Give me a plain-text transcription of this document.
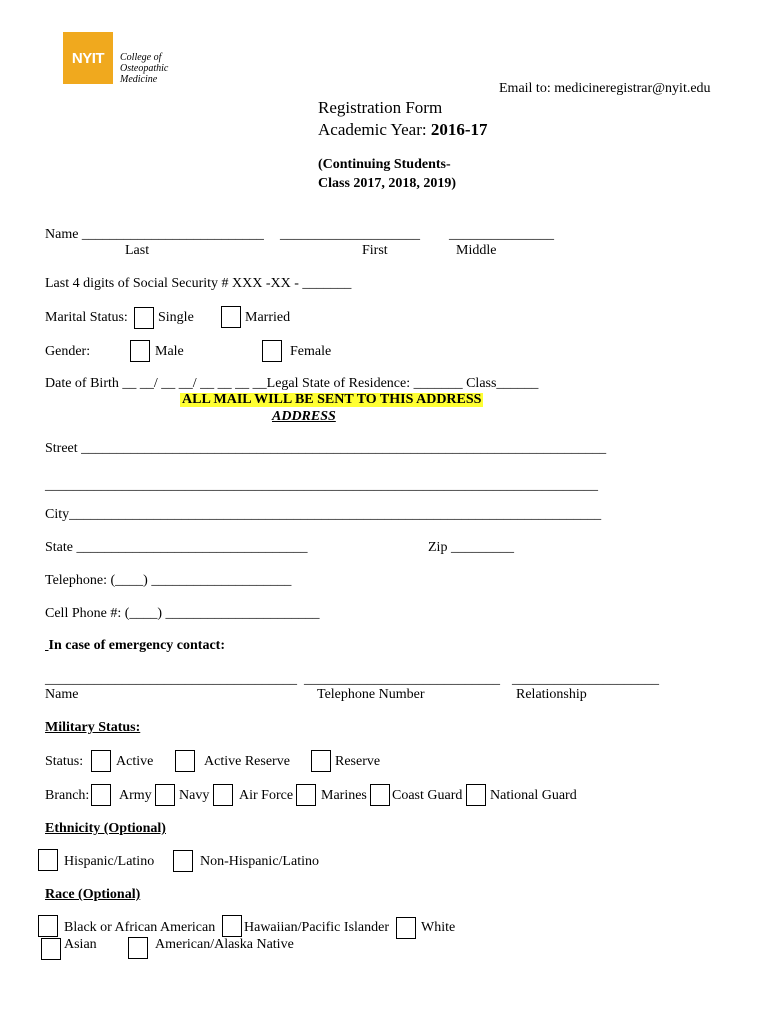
NYIT College of Osteopathic Medicine
Email to: medicineregistrar@nyit.edu
Registration Form
Academic Year: 2016-17
(Continuing Students-
Class 2017, 2018, 2019)
Name __________________________ ____________________ _______________
Last	First	Middle
Last 4 digits of Social Security # XXX -XX - _______
Marital Status: Single	Married
Gender:	Male	Female
Date of Birth __ __/ __ __/ __ __ __ __Legal State of Residence: _______ Class______
ALL MAIL WILL BE SENT TO THIS ADDRESS
ADDRESS
Street ___________________________________________________________________________
_______________________________________________________________________________
City____________________________________________________________________________
State _________________________________	Zip _________
Telephone: (____) ____________________
Cell Phone #: (____) ______________________
In case of emergency contact:
____________________________________ ____________________________ _____________________
Name	Telephone Number	Relationship
Military Status:
Status: Active	Active Reserve	Reserve
Branch: Army Navy Air Force Marines Coast Guard National Guard
Ethnicity (Optional)
Hispanic/Latino	Non-Hispanic/Latino
Race (Optional)
Black or African American Hawaiian/Pacific Islander White
Asian	American/Alaska Native
